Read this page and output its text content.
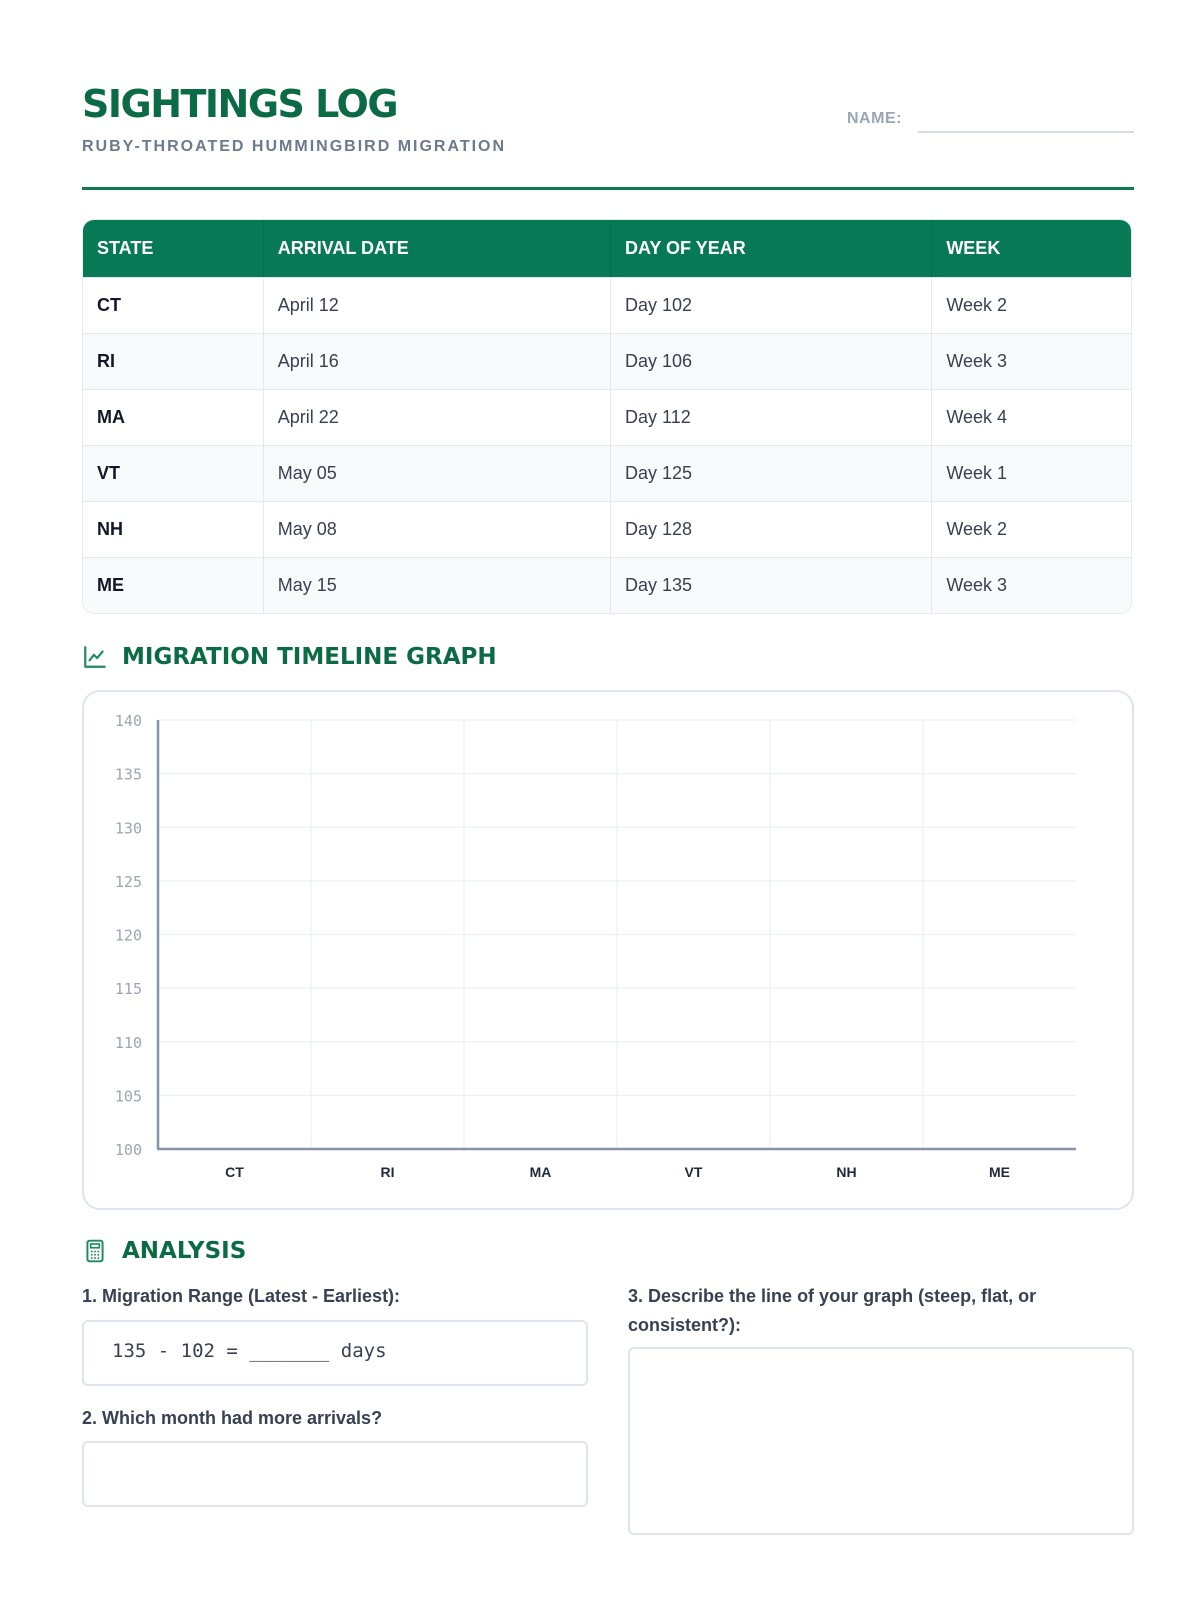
SIGHTINGS LOG
RUBY-THROATED HUMMINGBIRD MIGRATION
NAME:
STATE	ARRIVAL DATE	DAY OF YEAR	WEEK
CT	April 12	Day 102	Week 2
RI	April 16	Day 106	Week 3
MA	April 22	Day 112	Week 4
VT	May 05	Day 125	Week 1
NH	May 08	Day 128	Week 2
ME	May 15	Day 135	Week 3
MIGRATION TIMELINE GRAPH
100
105
110
115
120
125
130
135
140
CT	RI	MA	VT	NH	ME
ANALYSIS
1. Migration Range (Latest - Earliest):
135 - 102 = _______ days
2. Which month had more arrivals?
3. Describe the line of your graph (steep, flat, or consistent?):
